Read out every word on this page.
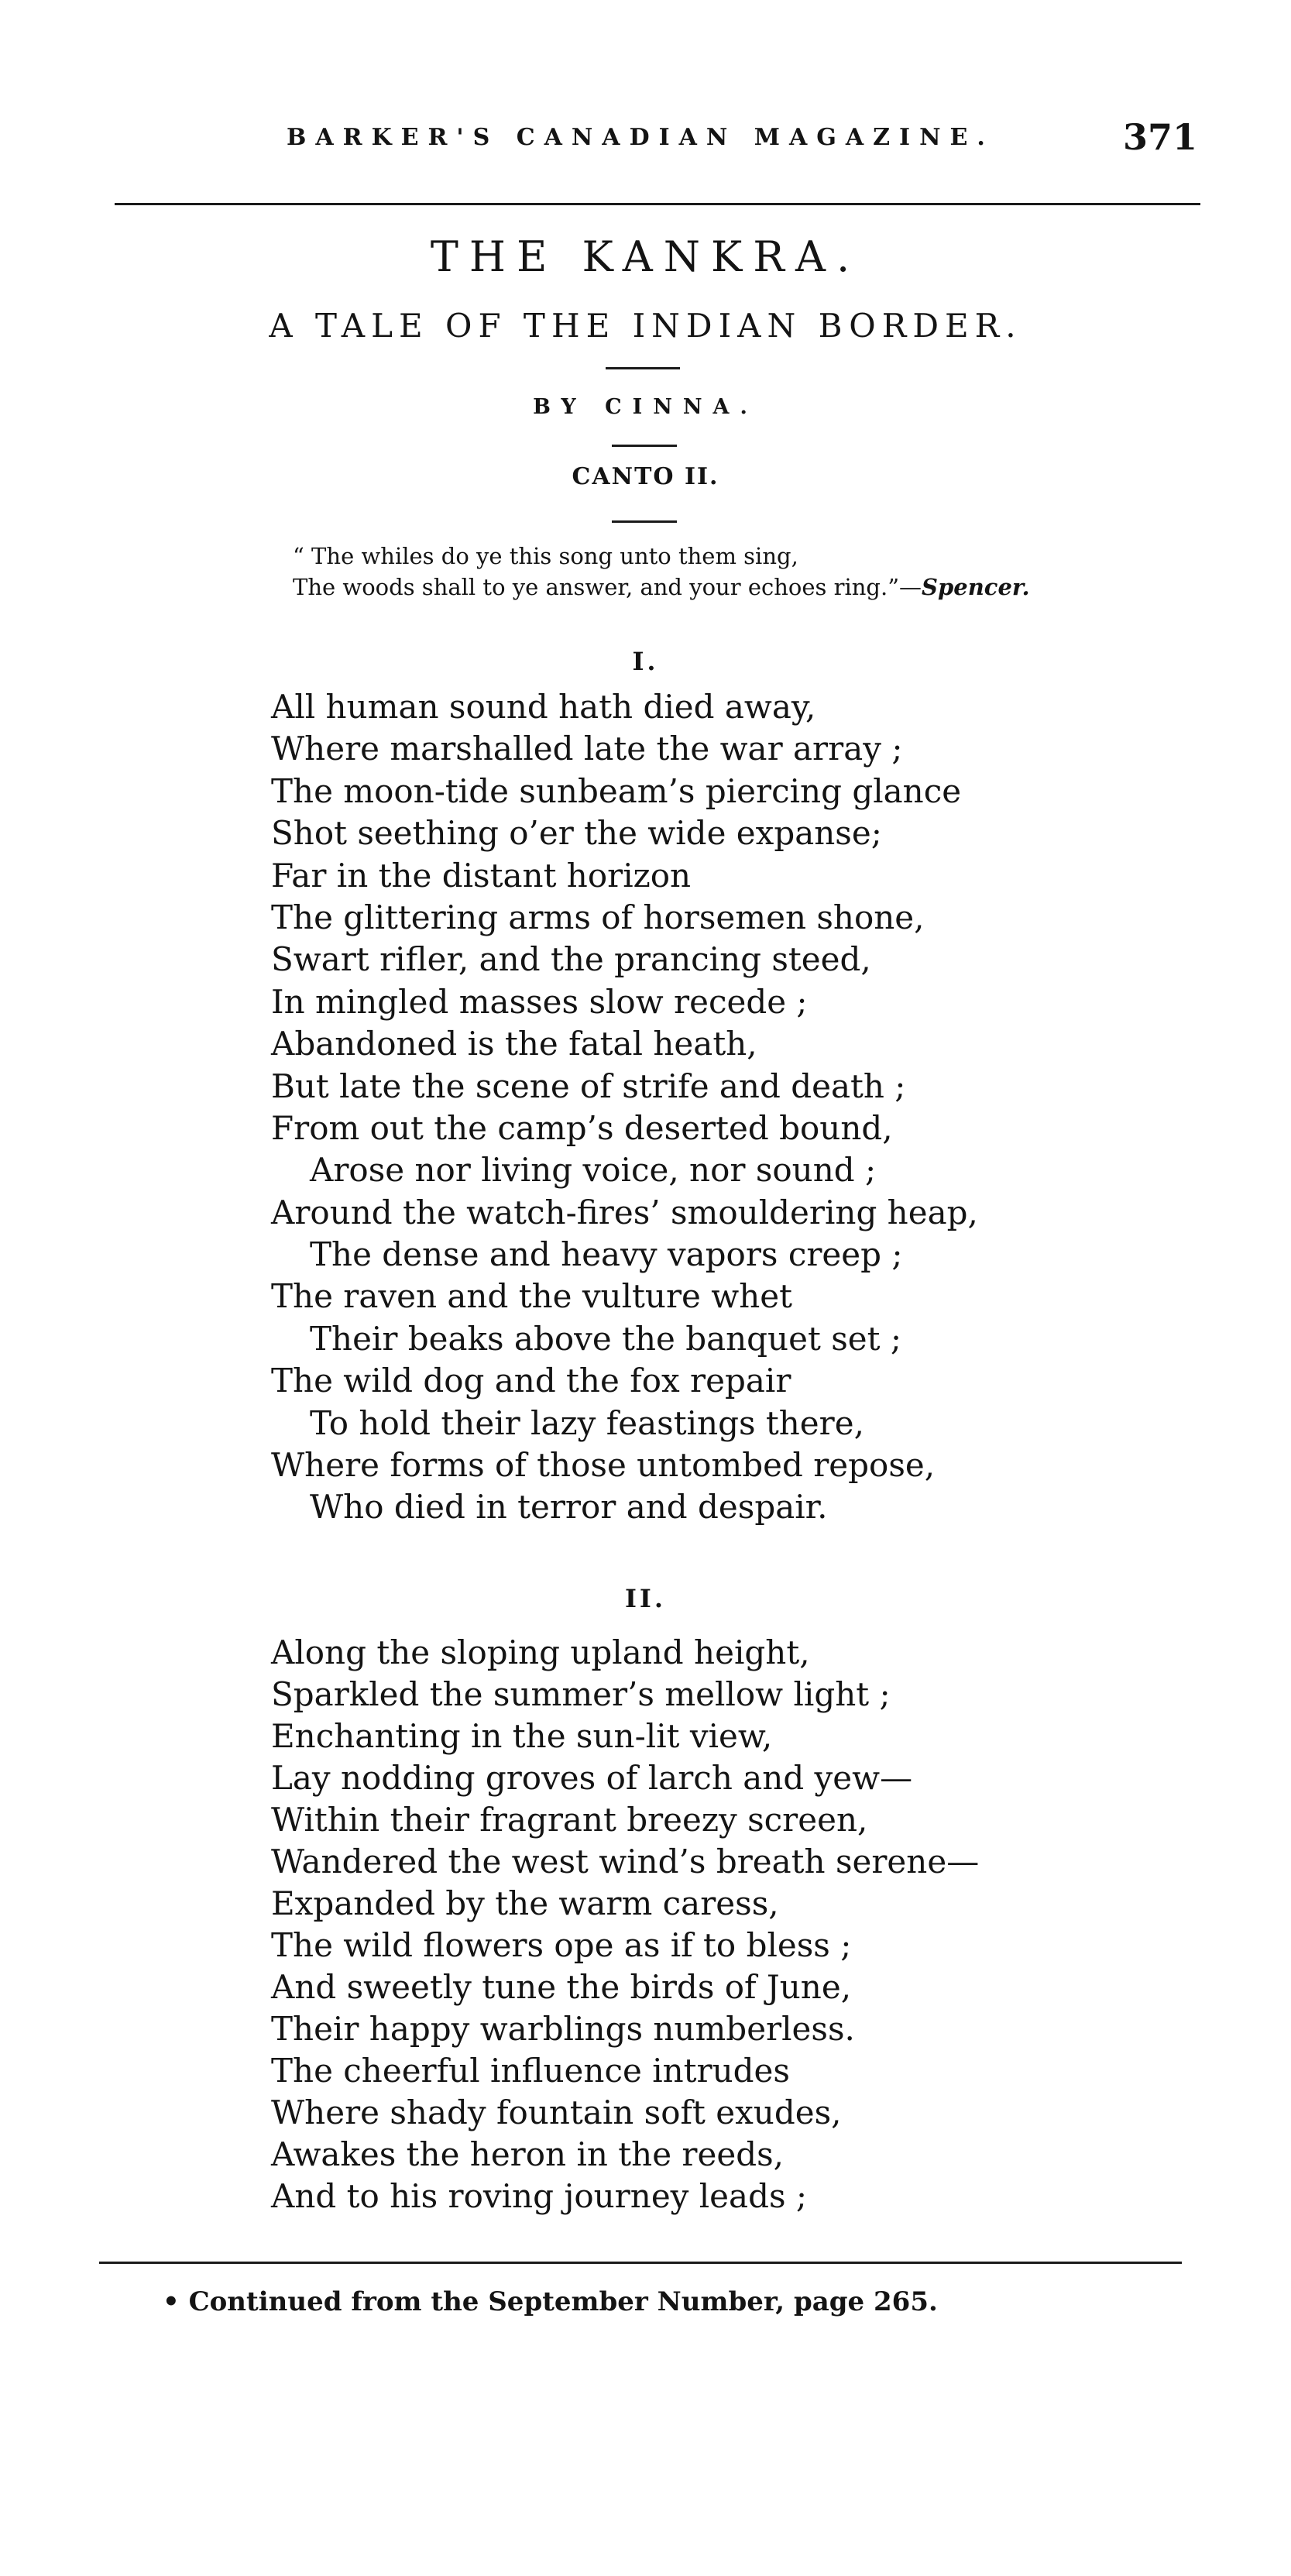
BARKER'S CANADIAN MAGAZINE.	371
THE KANKRA.
A TALE OF THE INDIAN BORDER.
BY CINNA.
CANTO II.
“ The whiles do ye this song unto them sing,
The woods shall to ye answer, and your echoes ring.”—Spencer.
I.
All human sound hath died away,
Where marshalled late the war array ;
The moon-tide sunbeam’s piercing glance
Shot seething o’er the wide expanse;
Far in the distant horizon
The glittering arms of horsemen shone,
Swart rifler, and the prancing steed,
In mingled masses slow recede ;
Abandoned is the fatal heath,
But late the scene of strife and death ;
From out the camp’s deserted bound,
Arose nor living voice, nor sound ;
Around the watch-fires’ smouldering heap,
The dense and heavy vapors creep ;
The raven and the vulture whet
Their beaks above the banquet set ;
The wild dog and the fox repair
To hold their lazy feastings there,
Where forms of those untombed repose,
Who died in terror and despair.
II.
Along the sloping upland height,
Sparkled the summer’s mellow light ;
Enchanting in the sun-lit view,
Lay nodding groves of larch and yew—
Within their fragrant breezy screen,
Wandered the west wind’s breath serene—
Expanded by the warm caress,
The wild flowers ope as if to bless ;
And sweetly tune the birds of June,
Their happy warblings numberless.
The cheerful influence intrudes
Where shady fountain soft exudes,
Awakes the heron in the reeds,
And to his roving journey leads ;
• Continued from the September Number, page 265.
